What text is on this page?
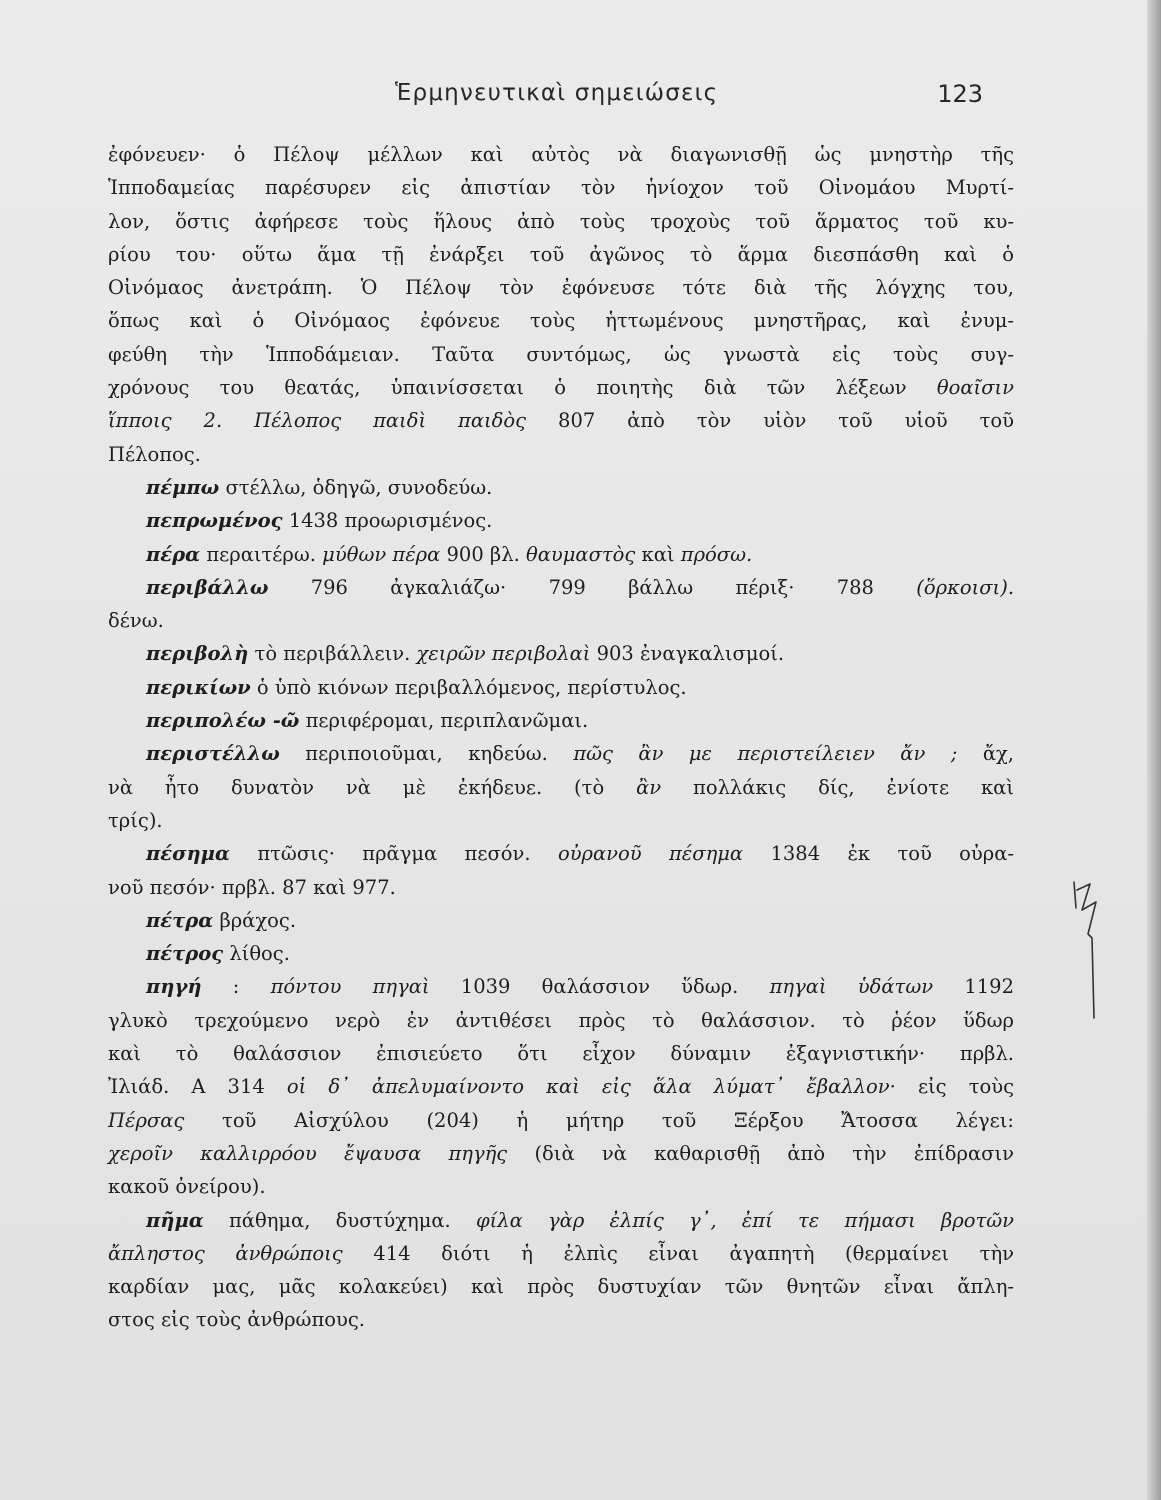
Ἑρμηνευτικαὶ σημειώσεις	123
ἐφόνευεν· ὁ Πέλοψ μέλλων καὶ αὐτὸς νὰ διαγωνισθῇ ὡς μνηστὴρ τῆς
Ἱπποδαμείας παρέσυρεν εἰς ἀπιστίαν τὸν ἡνίοχον τοῦ Οἰνομάου Μυρτί-
λον, ὅστις ἀφήρεσε τοὺς ἥλους ἀπὸ τοὺς τροχοὺς τοῦ ἅρματος τοῦ κυ-
ρίου του· οὕτω ἅμα τῇ ἐνάρξει τοῦ ἀγῶνος τὸ ἅρμα διεσπάσθη καὶ ὁ
Οἰνόμαος ἀνετράπη. Ὁ Πέλοψ τὸν ἐφόνευσε τότε διὰ τῆς λόγχης του,
ὅπως καὶ ὁ Οἰνόμαος ἐφόνευε τοὺς ἡττωμένους μνηστῆρας, καὶ ἐνυμ-
φεύθη τὴν Ἱπποδάμειαν. Ταῦτα συντόμως, ὡς γνωστὰ εἰς τοὺς συγ-
χρόνους του θεατάς, ὑπαινίσσεται ὁ ποιητὴς διὰ τῶν λέξεων θοαῖσιν
ἵπποις 2. Πέλοπος παιδὶ παιδὸς 807 ἀπὸ τὸν υἱὸν τοῦ υἱοῦ τοῦ
Πέλοπος.
πέμπω στέλλω, ὁδηγῶ, συνοδεύω.
πεπρωμένος 1438 προωρισμένος.
πέρα περαιτέρω. μύθων πέρα 900 βλ. θαυμαστὸς καὶ πρόσω.
περιβάλλω 796 ἀγκαλιάζω· 799 βάλλω πέριξ· 788 (ὅρκοισι).
δένω.
περιβολὴ τὸ περιβάλλειν. χειρῶν περιβολαὶ 903 ἐναγκαλισμοί.
περικίων ὁ ὑπὸ κιόνων περιβαλλόμενος, περίστυλος.
περιπολέω -ῶ περιφέρομαι, περιπλανῶμαι.
περιστέλλω περιποιοῦμαι, κηδεύω. πῶς ἂν με περιστείλειεν ἄν ; ἄχ,
νὰ ἦτο δυνατὸν νὰ μὲ ἐκήδευε. (τὸ ἂν πολλάκις δίς, ἐνίοτε καὶ
τρίς).
πέσημα πτῶσις· πρᾶγμα πεσόν. οὐρανοῦ πέσημα 1384 ἐκ τοῦ οὐρα-
νοῦ πεσόν· πρβλ. 87 καὶ 977.
πέτρα βράχος.
πέτρος λίθος.
πηγή : πόντου πηγαὶ 1039 θαλάσσιον ὕδωρ. πηγαὶ ὑδάτων 1192
γλυκὸ τρεχούμενο νερὸ ἐν ἀντιθέσει πρὸς τὸ θαλάσσιον. τὸ ῥέον ὕδωρ
καὶ τὸ θαλάσσιον ἐπισιεύετο ὅτι εἶχον δύναμιν ἐξαγνιστικήν· πρβλ.
Ἰλιάδ. Α 314 οἱ δ᾿ ἀπελυμαίνοντο καὶ εἰς ἅλα λύματ᾿ ἔβαλλον· εἰς τοὺς
Πέρσας τοῦ Αἰσχύλου (204) ἡ μήτηρ τοῦ Ξέρξου Ἄτοσσα λέγει:
χεροῖν καλλιρρόου ἔψαυσα πηγῆς (διὰ νὰ καθαρισθῇ ἀπὸ τὴν ἐπίδρασιν
κακοῦ ὀνείρου).
πῆμα πάθημα, δυστύχημα. φίλα γὰρ ἐλπίς γ᾿, ἐπί τε πήμασι βροτῶν
ἄπληστος ἀνθρώποις 414 διότι ἡ ἐλπὶς εἶναι ἀγαπητὴ (θερμαίνει τὴν
καρδίαν μας, μᾶς κολακεύει) καὶ πρὸς δυστυχίαν τῶν θνητῶν εἶναι ἄπλη-
στος εἰς τοὺς ἀνθρώπους.
